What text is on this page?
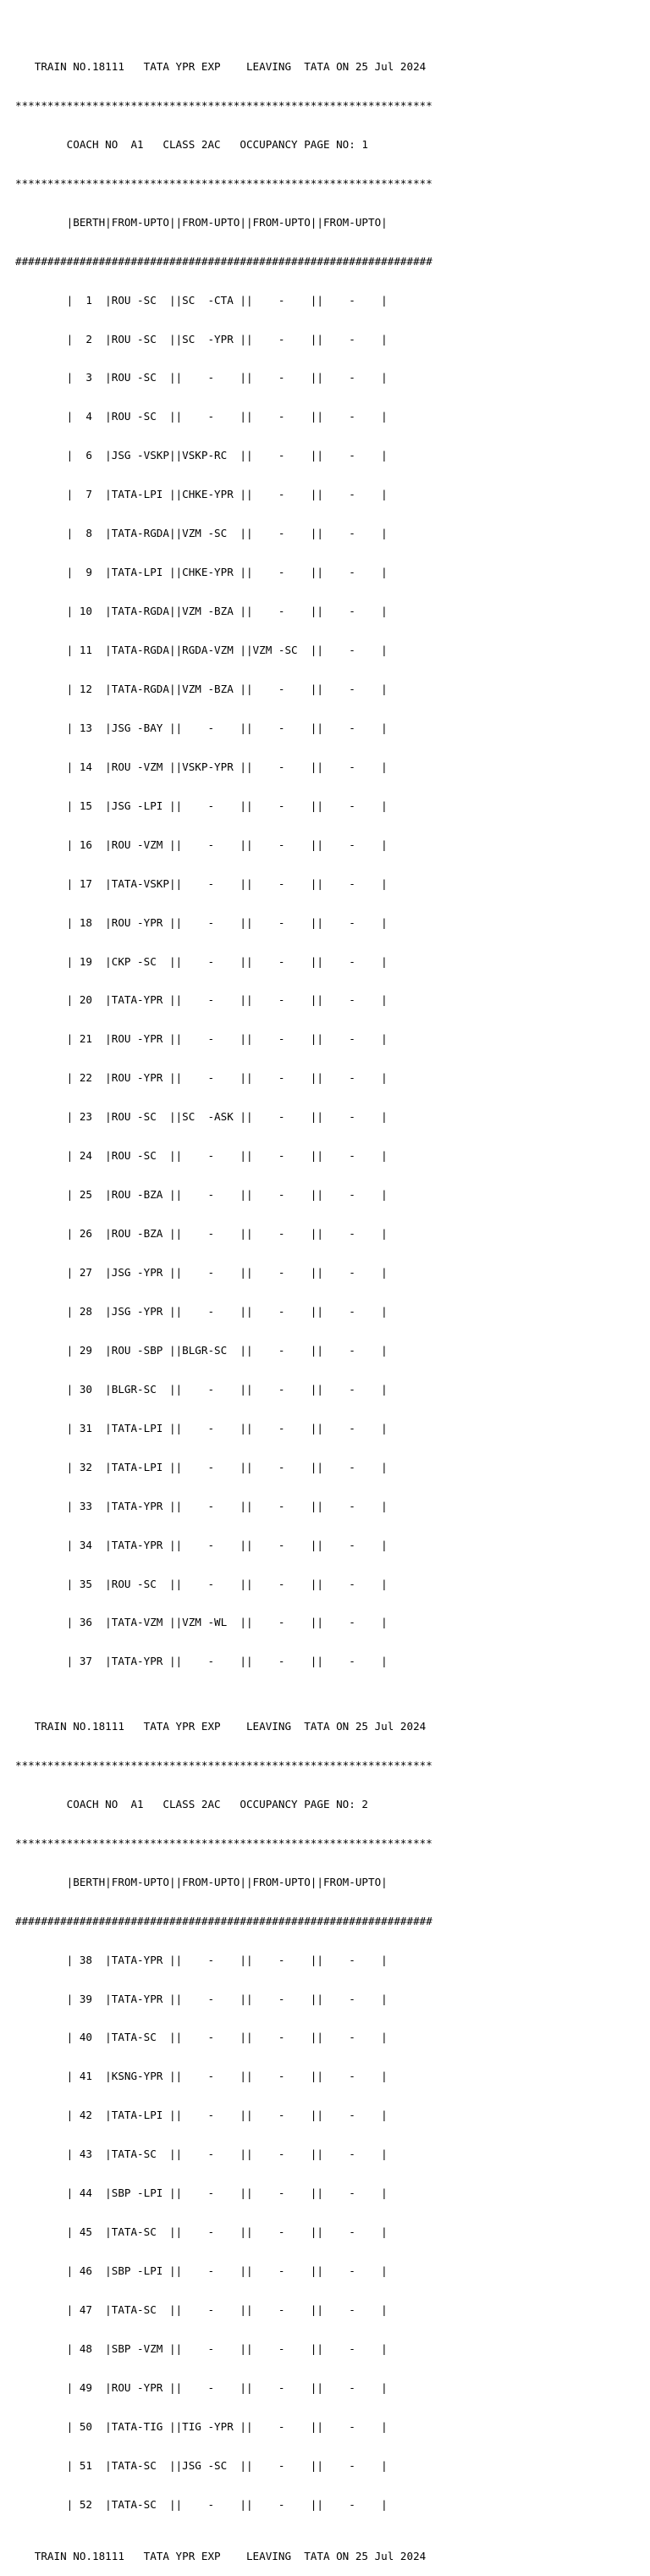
TRAIN NO.18111   TATA YPR EXP    LEAVING  TATA ON 25 Jul 2024

*****************************************************************

COACH NO  A1   CLASS 2AC   OCCUPANCY PAGE NO: 1

*****************************************************************

|BERTH|FROM-UPTO||FROM-UPTO||FROM-UPTO||FROM-UPTO|

#################################################################

|  1  |ROU -SC  ||SC  -CTA ||    -    ||    -    |

|  2  |ROU -SC  ||SC  -YPR ||    -    ||    -    |

|  3  |ROU -SC  ||    -    ||    -    ||    -    |

|  4  |ROU -SC  ||    -    ||    -    ||    -    |

|  6  |JSG -VSKP||VSKP-RC  ||    -    ||    -    |

|  7  |TATA-LPI ||CHKE-YPR ||    -    ||    -    |

|  8  |TATA-RGDA||VZM -SC  ||    -    ||    -    |

|  9  |TATA-LPI ||CHKE-YPR ||    -    ||    -    |

| 10  |TATA-RGDA||VZM -BZA ||    -    ||    -    |

| 11  |TATA-RGDA||RGDA-VZM ||VZM -SC  ||    -    |

| 12  |TATA-RGDA||VZM -BZA ||    -    ||    -    |

| 13  |JSG -BAY ||    -    ||    -    ||    -    |

| 14  |ROU -VZM ||VSKP-YPR ||    -    ||    -    |

| 15  |JSG -LPI ||    -    ||    -    ||    -    |

| 16  |ROU -VZM ||    -    ||    -    ||    -    |

| 17  |TATA-VSKP||    -    ||    -    ||    -    |

| 18  |ROU -YPR ||    -    ||    -    ||    -    |

| 19  |CKP -SC  ||    -    ||    -    ||    -    |

| 20  |TATA-YPR ||    -    ||    -    ||    -    |

| 21  |ROU -YPR ||    -    ||    -    ||    -    |

| 22  |ROU -YPR ||    -    ||    -    ||    -    |

| 23  |ROU -SC  ||SC  -ASK ||    -    ||    -    |

| 24  |ROU -SC  ||    -    ||    -    ||    -    |

| 25  |ROU -BZA ||    -    ||    -    ||    -    |

| 26  |ROU -BZA ||    -    ||    -    ||    -    |

| 27  |JSG -YPR ||    -    ||    -    ||    -    |

| 28  |JSG -YPR ||    -    ||    -    ||    -    |

| 29  |ROU -SBP ||BLGR-SC  ||    -    ||    -    |

| 30  |BLGR-SC  ||    -    ||    -    ||    -    |

| 31  |TATA-LPI ||    -    ||    -    ||    -    |

| 32  |TATA-LPI ||    -    ||    -    ||    -    |

| 33  |TATA-YPR ||    -    ||    -    ||    -    |

| 34  |TATA-YPR ||    -    ||    -    ||    -    |

| 35  |ROU -SC  ||    -    ||    -    ||    -    |

| 36  |TATA-VZM ||VZM -WL  ||    -    ||    -    |

| 37  |TATA-YPR ||    -    ||    -    ||    -    |

TRAIN NO.18111   TATA YPR EXP    LEAVING  TATA ON 25 Jul 2024

*****************************************************************

COACH NO  A1   CLASS 2AC   OCCUPANCY PAGE NO: 2

*****************************************************************

|BERTH|FROM-UPTO||FROM-UPTO||FROM-UPTO||FROM-UPTO|

#################################################################

| 38  |TATA-YPR ||    -    ||    -    ||    -    |

| 39  |TATA-YPR ||    -    ||    -    ||    -    |

| 40  |TATA-SC  ||    -    ||    -    ||    -    |

| 41  |KSNG-YPR ||    -    ||    -    ||    -    |

| 42  |TATA-LPI ||    -    ||    -    ||    -    |

| 43  |TATA-SC  ||    -    ||    -    ||    -    |

| 44  |SBP -LPI ||    -    ||    -    ||    -    |

| 45  |TATA-SC  ||    -    ||    -    ||    -    |

| 46  |SBP -LPI ||    -    ||    -    ||    -    |

| 47  |TATA-SC  ||    -    ||    -    ||    -    |

| 48  |SBP -VZM ||    -    ||    -    ||    -    |

| 49  |ROU -YPR ||    -    ||    -    ||    -    |

| 50  |TATA-TIG ||TIG -YPR ||    -    ||    -    |

| 51  |TATA-SC  ||JSG -SC  ||    -    ||    -    |

| 52  |TATA-SC  ||    -    ||    -    ||    -    |

TRAIN NO.18111   TATA YPR EXP    LEAVING  TATA ON 25 Jul 2024
